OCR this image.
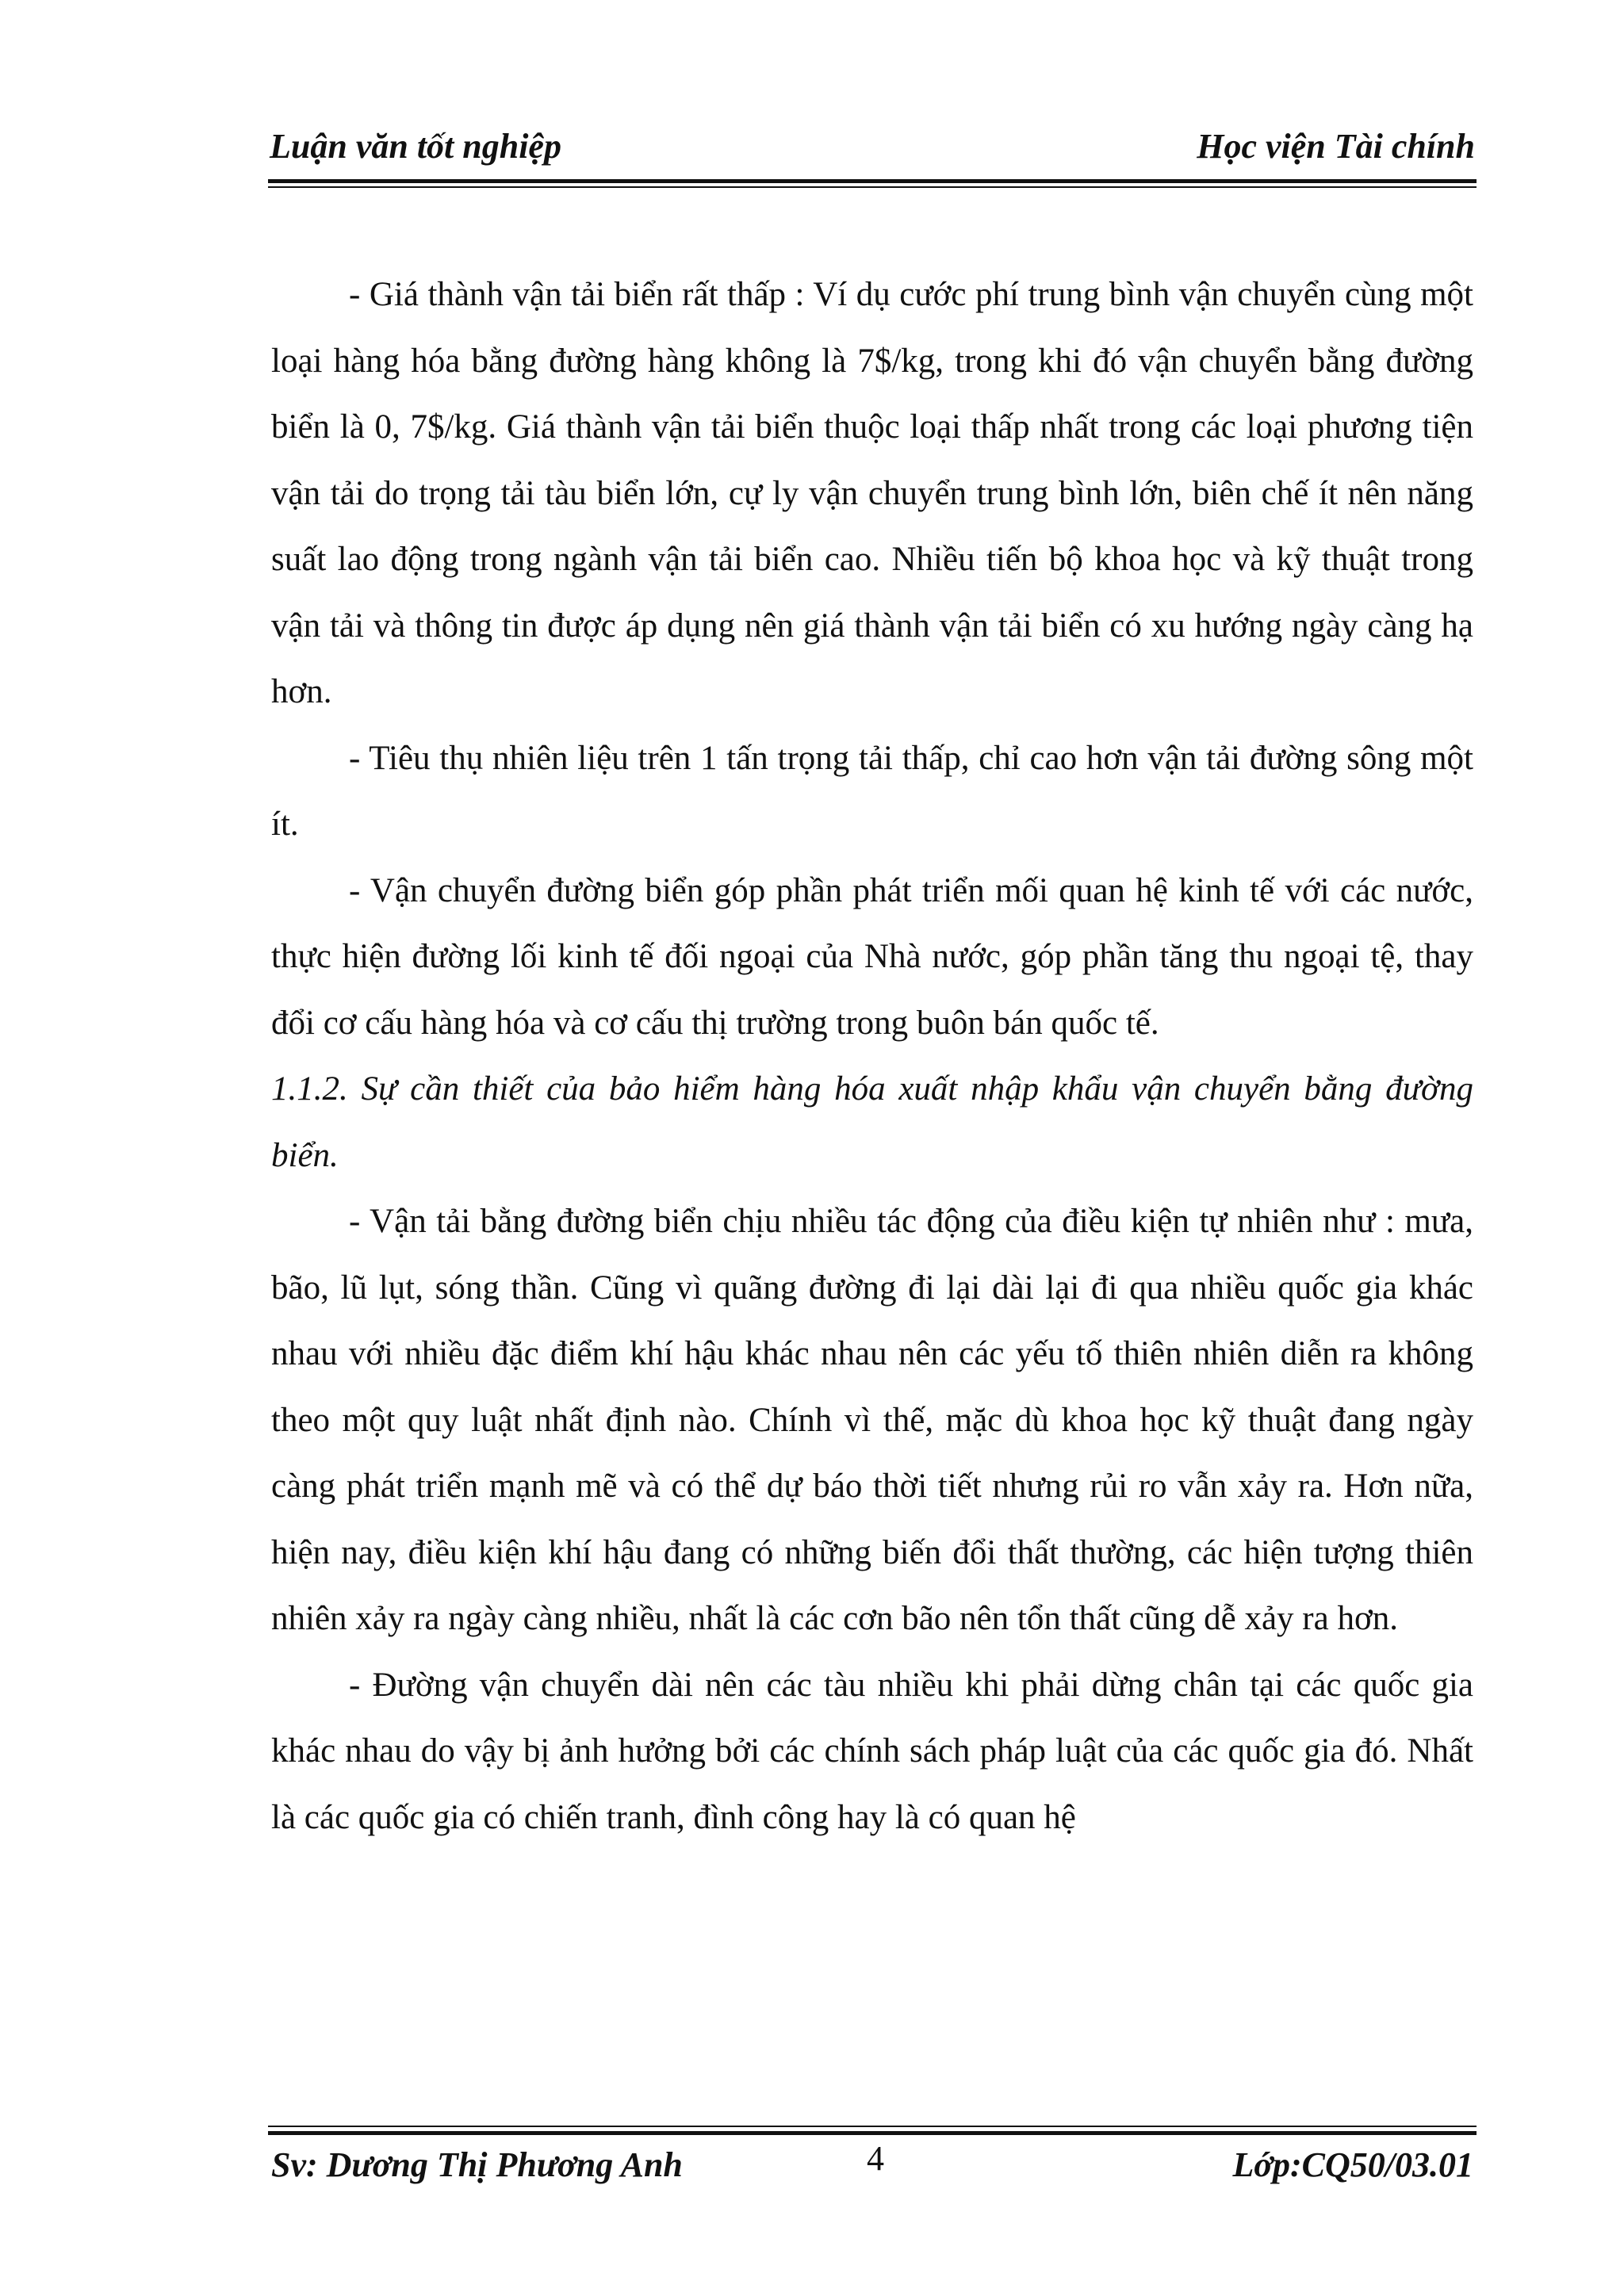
Luận văn tốt nghiệp	Học viện Tài chính

- Giá thành vận tải biển rất thấp : Ví dụ cước phí trung bình vận chuyển cùng một loại hàng hóa bằng đường hàng không là 7$/kg, trong khi đó vận chuyển bằng đường biển là 0, 7$/kg. Giá thành vận tải biển thuộc loại thấp nhất trong các loại phương tiện vận tải do trọng tải tàu biển lớn, cự ly vận chuyển trung bình lớn, biên chế ít nên năng suất lao động trong ngành vận tải biển cao. Nhiều tiến bộ khoa học và kỹ thuật trong vận tải và thông tin được áp dụng nên giá thành vận tải biển có xu hướng ngày càng hạ hơn.

- Tiêu thụ nhiên liệu trên 1 tấn trọng tải thấp, chỉ cao hơn vận tải đường sông một ít.

- Vận chuyển đường biển góp phần phát triển mối quan hệ kinh tế với các nước, thực hiện đường lối kinh tế đối ngoại của Nhà nước, góp phần tăng thu ngoại tệ, thay đổi cơ cấu hàng hóa và cơ cấu thị trường trong buôn bán quốc tế.

1.1.2. Sự cần thiết của bảo hiểm hàng hóa xuất nhập khẩu vận chuyển bằng đường biển.

- Vận tải bằng đường biển chịu nhiều tác động của điều kiện tự nhiên như : mưa, bão, lũ lụt, sóng thần. Cũng vì quãng đường đi lại dài lại đi qua nhiều quốc gia khác nhau với nhiều đặc điểm khí hậu khác nhau nên các yếu tố thiên nhiên diễn ra không theo một quy luật nhất định nào. Chính vì thế, mặc dù khoa học kỹ thuật đang ngày càng phát triển mạnh mẽ và có thể dự báo thời tiết nhưng rủi ro vẫn xảy ra. Hơn nữa, hiện nay, điều kiện khí hậu đang có những biến đổi thất thường, các hiện tượng thiên nhiên xảy ra ngày càng nhiều, nhất là các cơn bão nên tổn thất cũng dễ xảy ra hơn.

- Đường vận chuyển dài nên các tàu nhiều khi phải dừng chân tại các quốc gia khác nhau do vậy bị ảnh hưởng bởi các chính sách pháp luật của các quốc gia đó. Nhất là các quốc gia có chiến tranh, đình công hay là có quan hệ

Sv: Dương Thị Phương Anh	4	Lớp:CQ50/03.01
